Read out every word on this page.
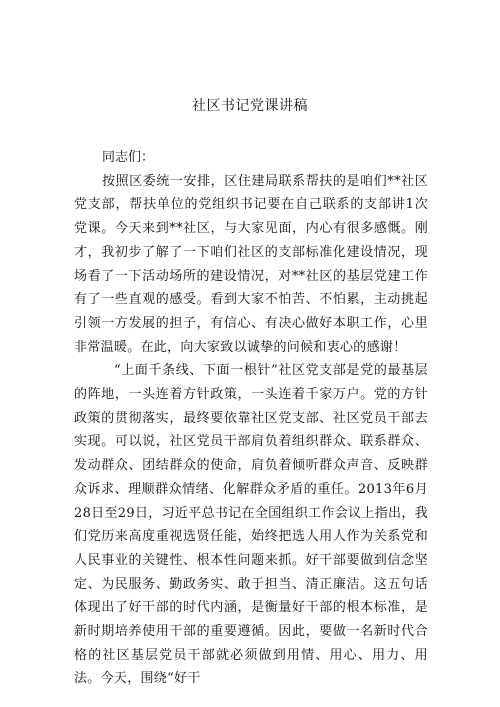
社区书记党课讲稿

同志们：

按照区委统一安排，区住建局联系帮扶的是咱们**社区党支部，帮扶单位的党组织书记要在自己联系的支部讲1次党课。今天来到**社区，与大家见面，内心有很多感慨。刚才，我初步了解了一下咱们社区的支部标准化建设情况，现场看了一下活动场所的建设情况，对**社区的基层党建工作有了一些直观的感受。看到大家不怕苦、不怕累，主动挑起引领一方发展的担子，有信心、有决心做好本职工作，心里非常温暖。在此，向大家致以诚挚的问候和衷心的感谢！

“上面千条线、下面一根针”社区党支部是党的最基层的阵地，一头连着方针政策，一头连着千家万户。党的方针政策的贯彻落实，最终要依靠社区党支部、社区党员干部去实现。可以说，社区党员干部肩负着组织群众、联系群众、发动群众、团结群众的使命，肩负着倾听群众声音、反映群众诉求、理顺群众情绪、化解群众矛盾的重任。2013年6月28日至29日，习近平总书记在全国组织工作会议上指出，我们党历来高度重视选贤任能，始终把选人用人作为关系党和人民事业的关键性、根本性问题来抓。好干部要做到信念坚定、为民服务、勤政务实、敢于担当、清正廉洁。这五句话体现出了好干部的时代内涵，是衡量好干部的根本标准，是新时期培养使用干部的重要遵循。因此，要做一名新时代合格的社区基层党员干部就必须做到用情、用心、用力、用法。今天，围绕“好干
